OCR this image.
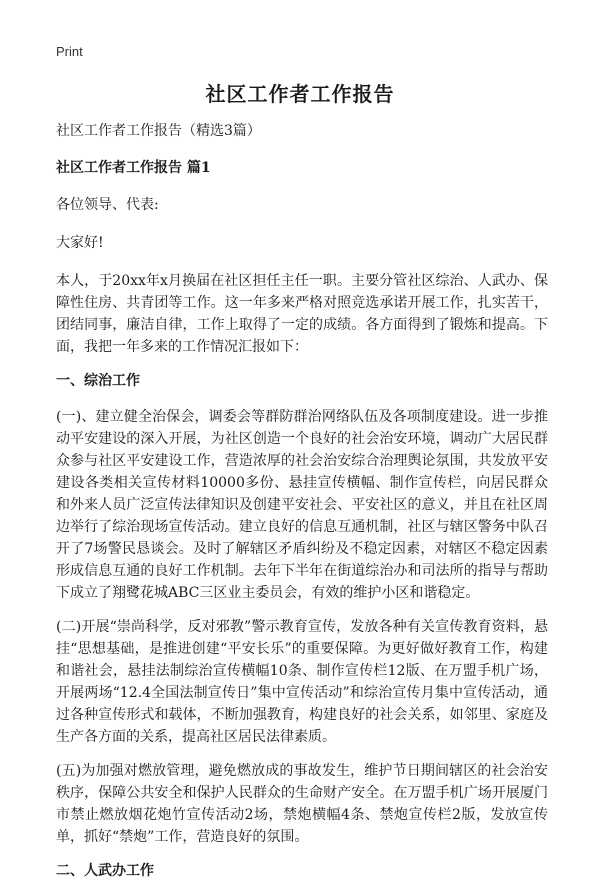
Print
社区工作者工作报告

社区工作者工作报告（精选3篇）

社区工作者工作报告 篇1

各位领导、代表:

大家好!

本人，于20xx年x月换届在社区担任主任一职。主要分管社区综治、人武办、保障性住房、共青团等工作。这一年多来严格对照竞选承诺开展工作，扎实苦干，团结同事，廉洁自律，工作上取得了一定的成绩。各方面得到了锻炼和提高。下面，我把一年多来的工作情况汇报如下：

一、综治工作

(一)、建立健全治保会，调委会等群防群治网络队伍及各项制度建设。进一步推动平安建设的深入开展，为社区创造一个良好的社会治安环境，调动广大居民群众参与社区平安建设工作，营造浓厚的社会治安综合治理舆论氛围，共发放平安建设各类相关宣传材料10000多份、悬挂宣传横幅、制作宣传栏，向居民群众和外来人员广泛宣传法律知识及创建平安社会、平安社区的意义，并且在社区周边举行了综治现场宣传活动。建立良好的信息互通机制，社区与辖区警务中队召开了7场警民恳谈会。及时了解辖区矛盾纠纷及不稳定因素，对辖区不稳定因素形成信息互通的良好工作机制。去年下半年在街道综治办和司法所的指导与帮助下成立了翔鹭花城ABC三区业主委员会，有效的维护小区和谐稳定。

(二)开展“崇尚科学，反对邪教”警示教育宣传，发放各种有关宣传教育资料，悬挂“思想基础，是推进创建“平安长乐”的重要保障。为更好做好教育工作，构建和谐社会，悬挂法制综治宣传横幅10条、制作宣传栏12版、在万盟手机广场，开展两场“12.4全国法制宣传日”集中宣传活动”和综治宣传月集中宣传活动，通过各种宣传形式和载体，不断加强教育，构建良好的社会关系，如邻里、家庭及生产各方面的关系，提高社区居民法律素质。

(五)为加强对燃放管理，避免燃放成的事故发生，维护节日期间辖区的社会治安秩序，保障公共安全和保护人民群众的生命财产安全。在万盟手机广场开展厦门市禁止燃放烟花炮竹宣传活动2场，禁炮横幅4条、禁炮宣传栏2版，发放宣传单，抓好“禁炮”工作，营造良好的氛围。

二、人武办工作
